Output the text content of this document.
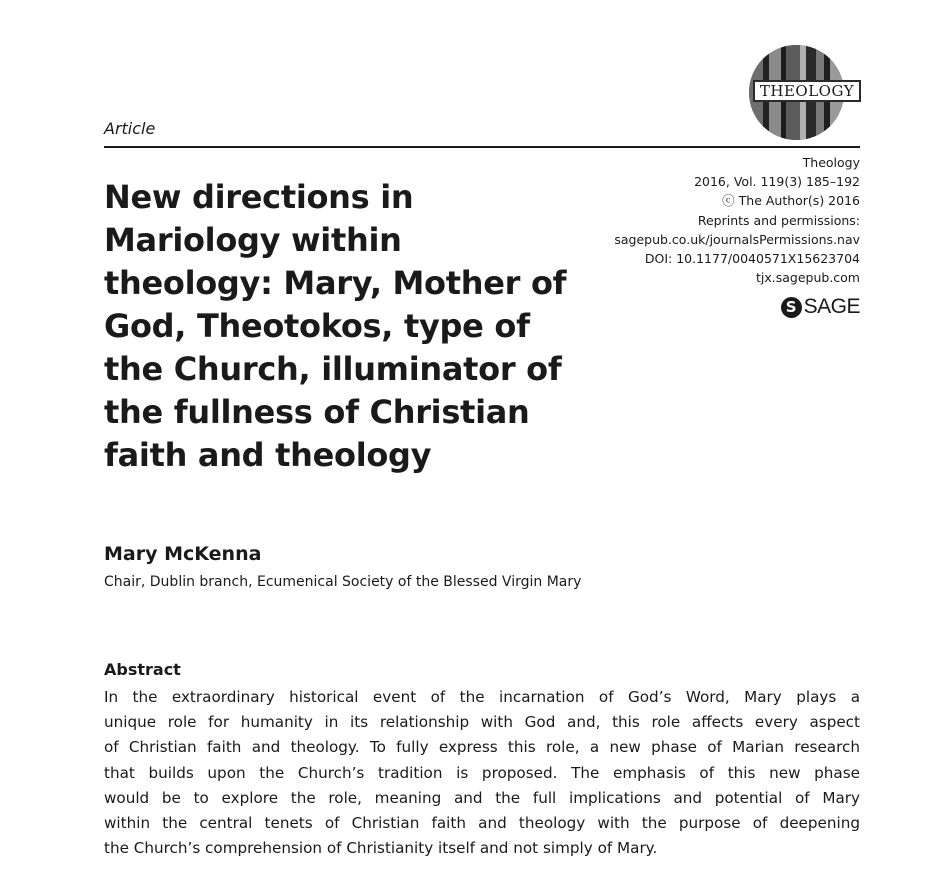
THEOLOGY
Article
Theology
2016, Vol. 119(3) 185–192
ⓒ The Author(s) 2016
Reprints and permissions:
sagepub.co.uk/journalsPermissions.nav
DOI: 10.1177/0040571X15623704
tjx.sagepub.com
S SAGE
New directions in Mariology within theology: Mary, Mother of God, Theotokos, type of the Church, illuminator of the fullness of Christian faith and theology
Mary McKenna
Chair, Dublin branch, Ecumenical Society of the Blessed Virgin Mary
Abstract
In the extraordinary historical event of the incarnation of God’s Word, Mary plays a
unique role for humanity in its relationship with God and, this role affects every aspect
of Christian faith and theology. To fully express this role, a new phase of Marian research
that builds upon the Church’s tradition is proposed. The emphasis of this new phase
would be to explore the role, meaning and the full implications and potential of Mary
within the central tenets of Christian faith and theology with the purpose of deepening
the Church’s comprehension of Christianity itself and not simply of Mary.
